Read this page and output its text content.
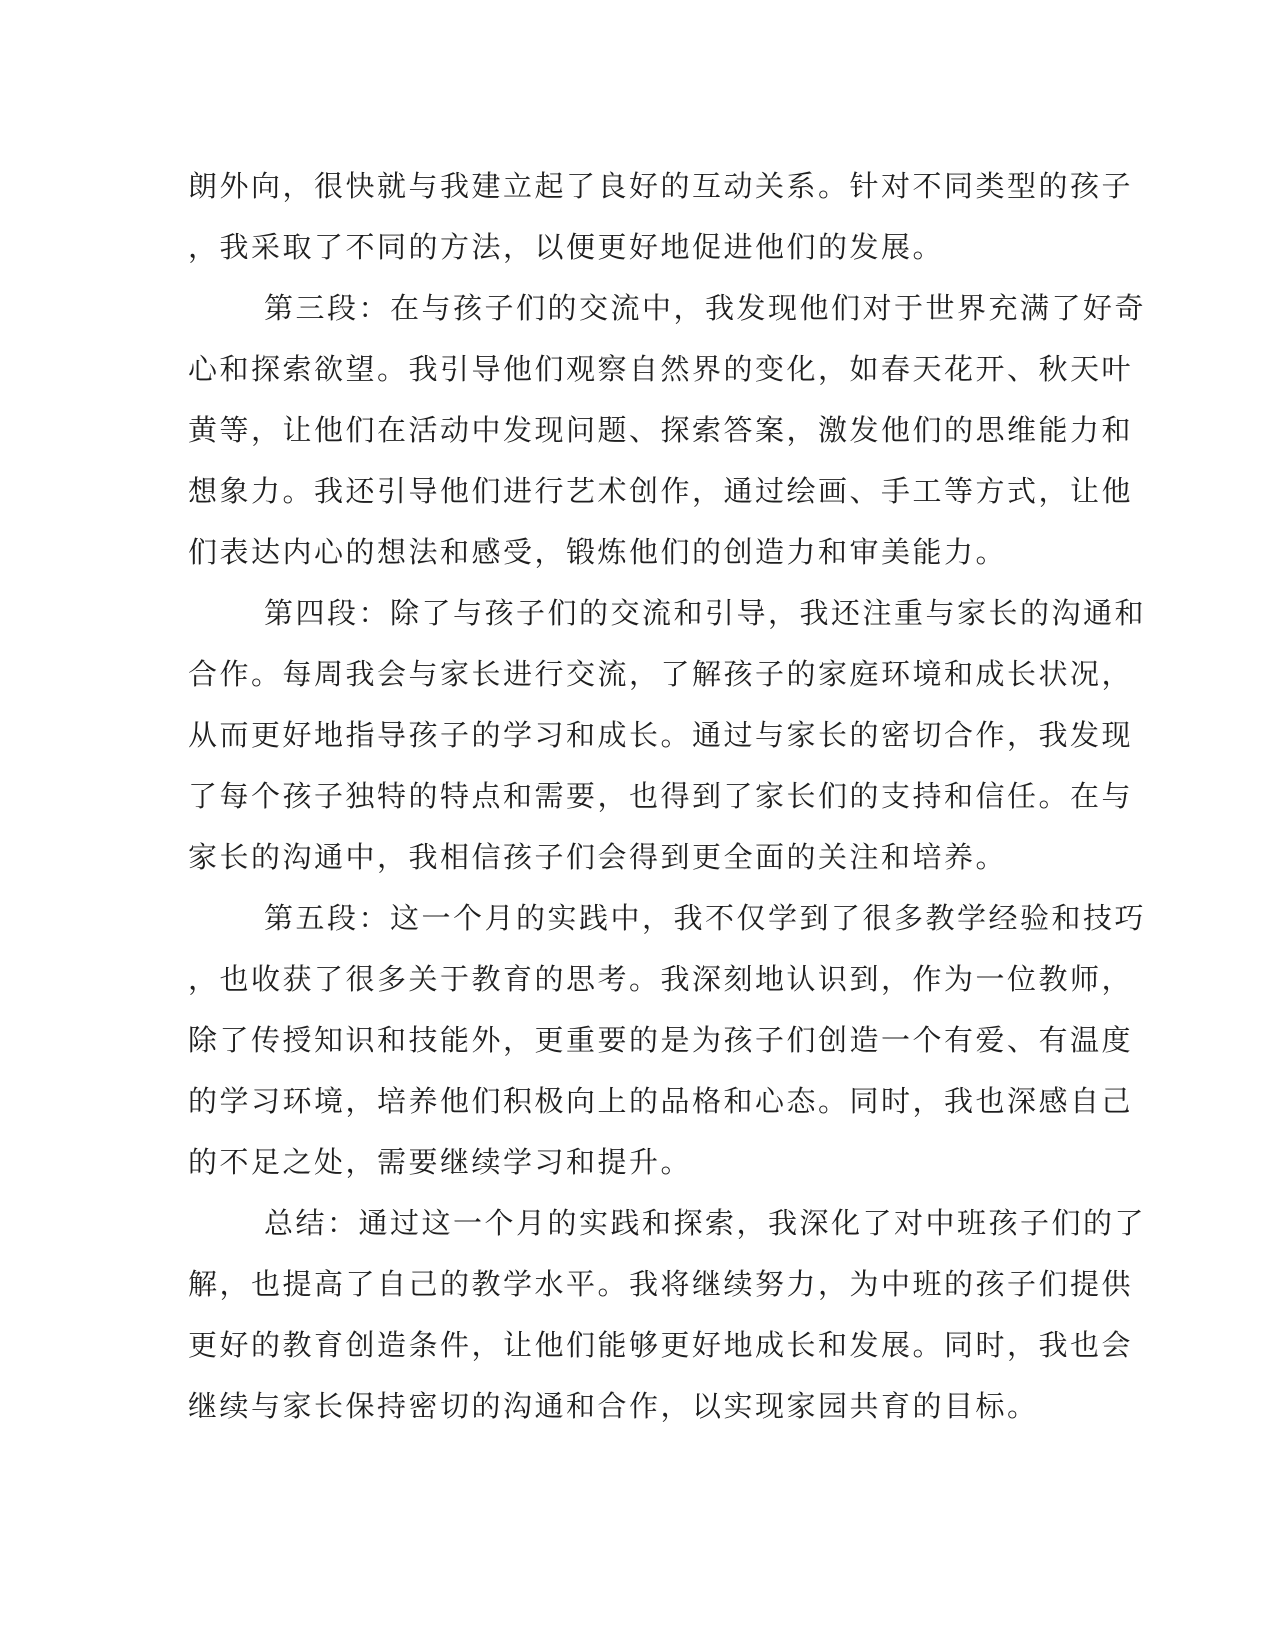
朗外向，很快就与我建立起了良好的互动关系。针对不同类型的孩子
，我采取了不同的方法，以便更好地促进他们的发展。
第三段：在与孩子们的交流中，我发现他们对于世界充满了好奇
心和探索欲望。我引导他们观察自然界的变化，如春天花开、秋天叶
黄等，让他们在活动中发现问题、探索答案，激发他们的思维能力和
想象力。我还引导他们进行艺术创作，通过绘画、手工等方式，让他
们表达内心的想法和感受，锻炼他们的创造力和审美能力。
第四段：除了与孩子们的交流和引导，我还注重与家长的沟通和
合作。每周我会与家长进行交流，了解孩子的家庭环境和成长状况，
从而更好地指导孩子的学习和成长。通过与家长的密切合作，我发现
了每个孩子独特的特点和需要，也得到了家长们的支持和信任。在与
家长的沟通中，我相信孩子们会得到更全面的关注和培养。
第五段：这一个月的实践中，我不仅学到了很多教学经验和技巧
，也收获了很多关于教育的思考。我深刻地认识到，作为一位教师，
除了传授知识和技能外，更重要的是为孩子们创造一个有爱、有温度
的学习环境，培养他们积极向上的品格和心态。同时，我也深感自己
的不足之处，需要继续学习和提升。
总结：通过这一个月的实践和探索，我深化了对中班孩子们的了
解，也提高了自己的教学水平。我将继续努力，为中班的孩子们提供
更好的教育创造条件，让他们能够更好地成长和发展。同时，我也会
继续与家长保持密切的沟通和合作，以实现家园共育的目标。
